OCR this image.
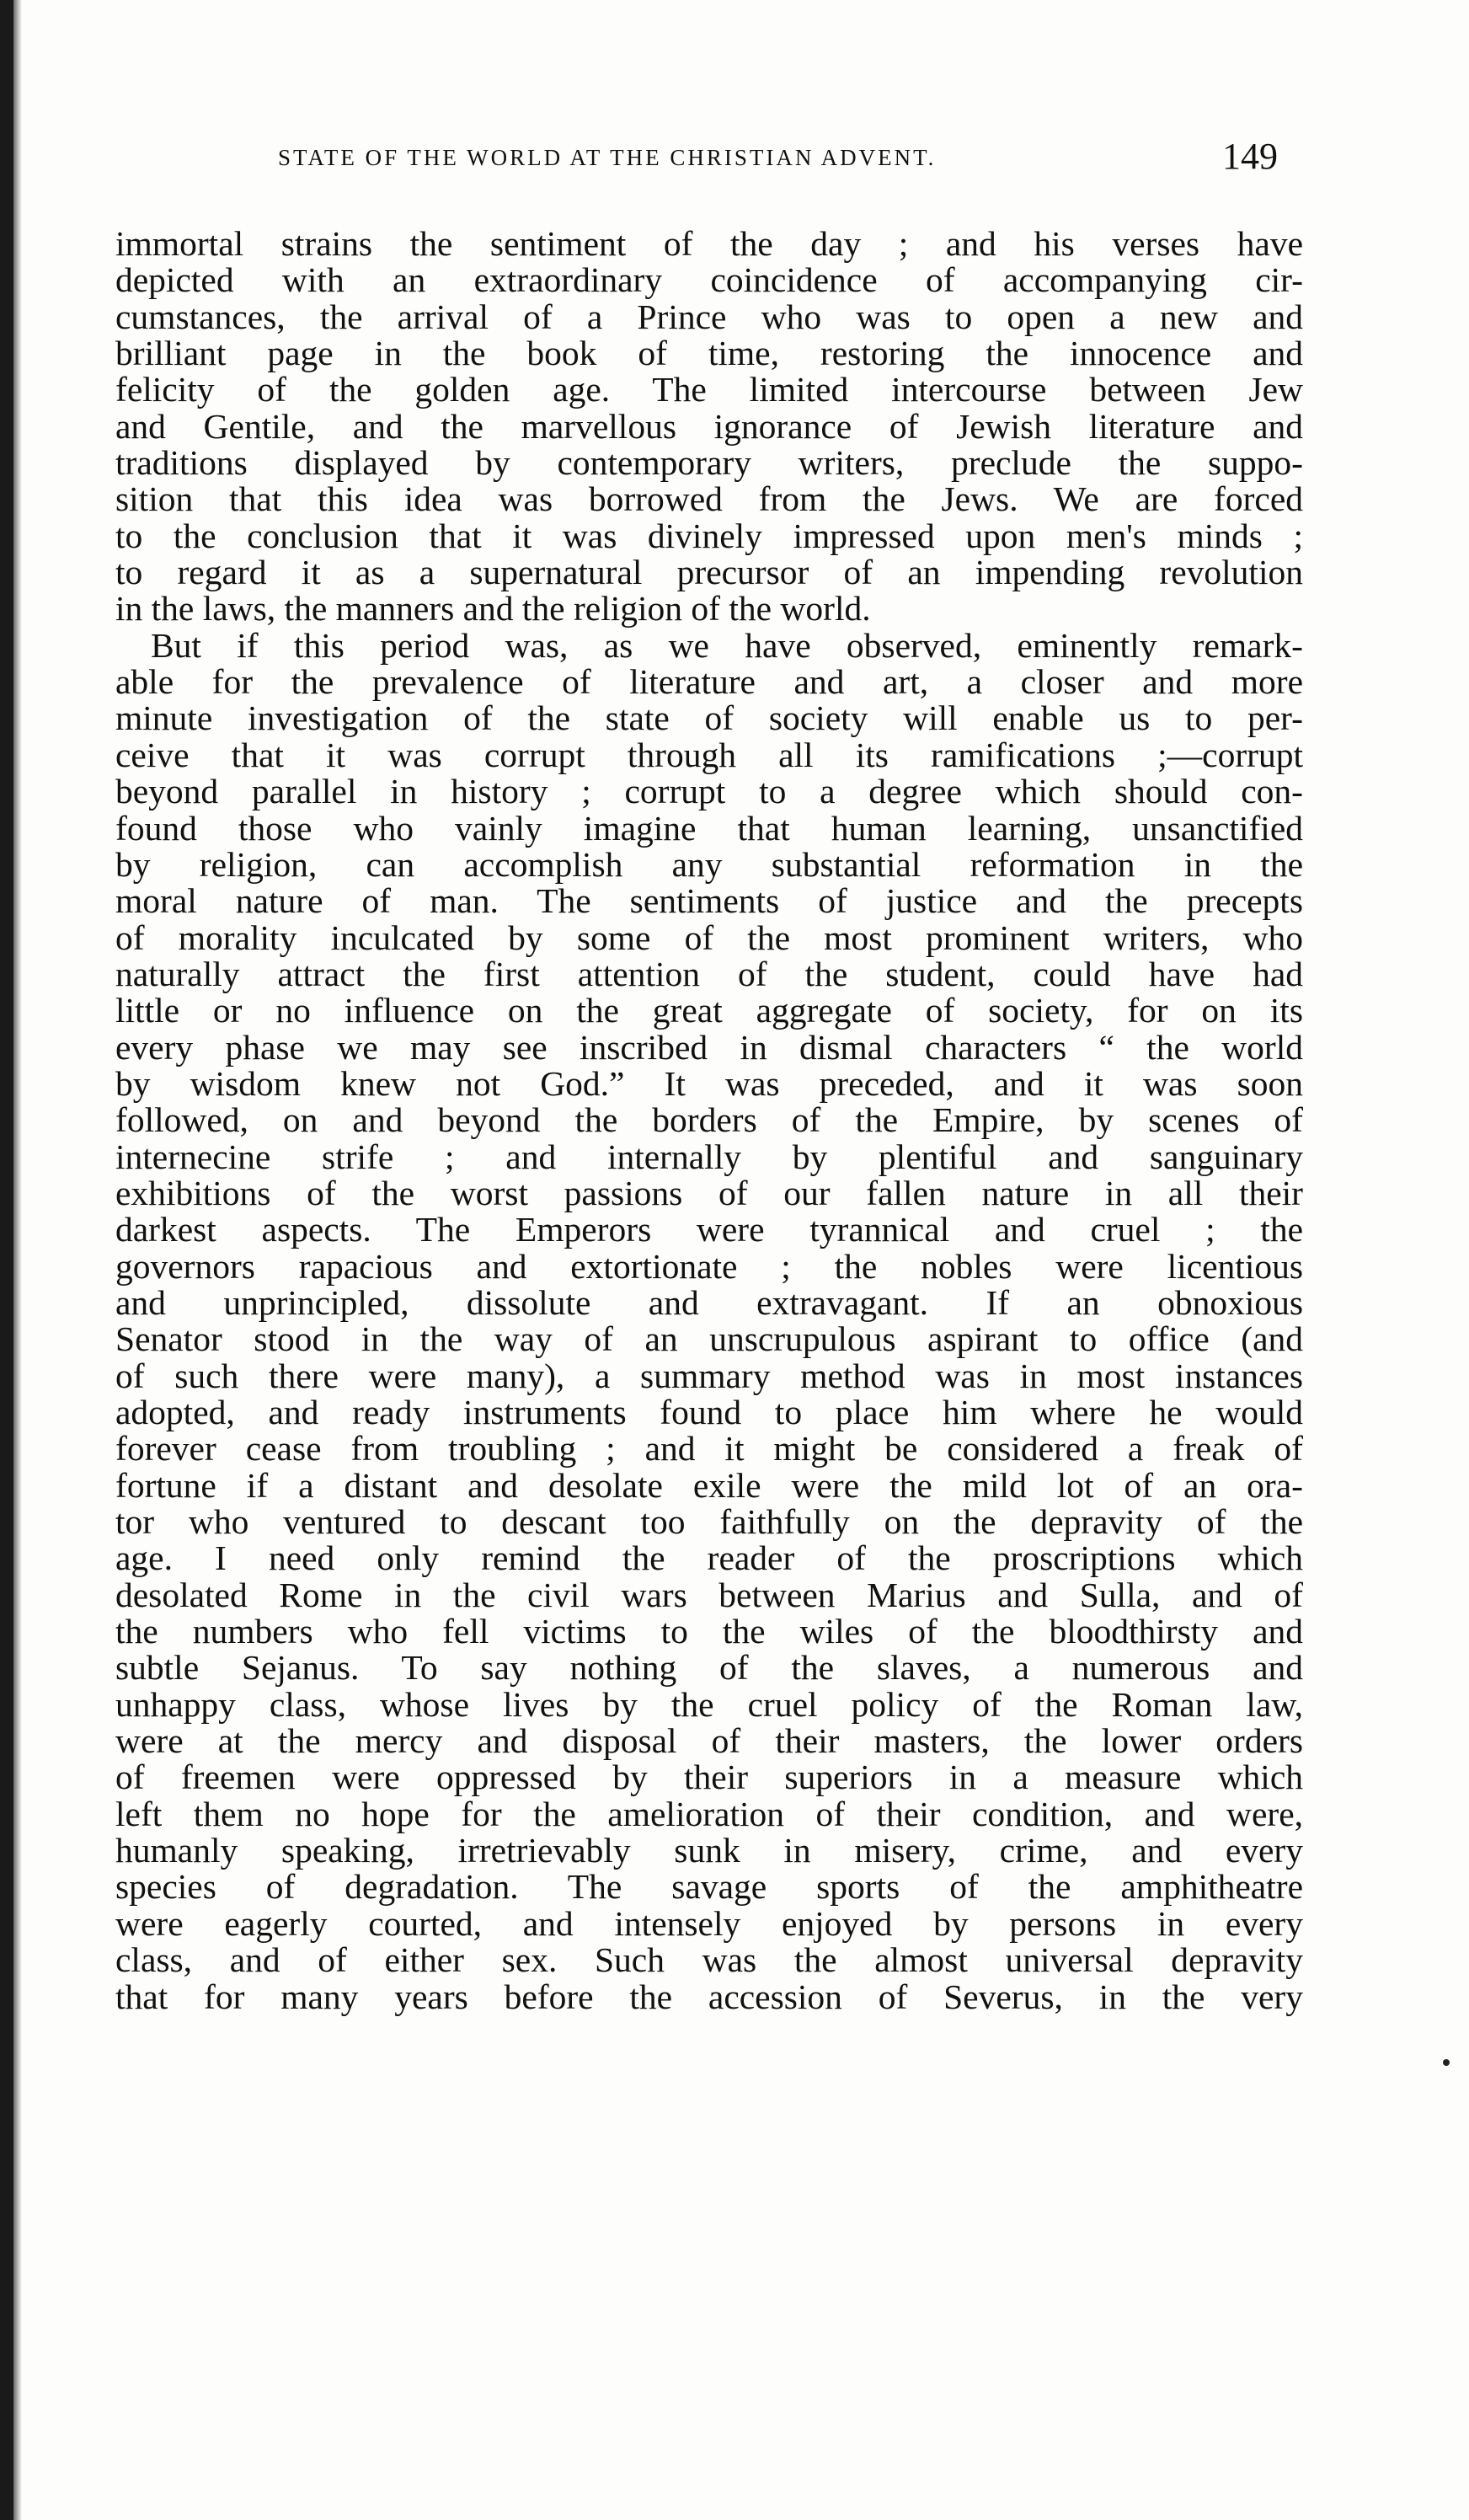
STATE OF THE WORLD AT THE CHRISTIAN ADVENT.	149
immortal strains the sentiment of the day ; and his verses have
depicted with an extraordinary coincidence of accompanying cir-
cumstances, the arrival of a Prince who was to open a new and
brilliant page in the book of time, restoring the innocence and
felicity of the golden age. The limited intercourse between Jew
and Gentile, and the marvellous ignorance of Jewish literature and
traditions displayed by contemporary writers, preclude the suppo-
sition that this idea was borrowed from the Jews. We are forced
to the conclusion that it was divinely impressed upon men's minds ;
to regard it as a supernatural precursor of an impending revolution
in the laws, the manners and the religion of the world.
But if this period was, as we have observed, eminently remark-
able for the prevalence of literature and art, a closer and more
minute investigation of the state of society will enable us to per-
ceive that it was corrupt through all its ramifications ;—corrupt
beyond parallel in history ; corrupt to a degree which should con-
found those who vainly imagine that human learning, unsanctified
by religion, can accomplish any substantial reformation in the
moral nature of man. The sentiments of justice and the precepts
of morality inculcated by some of the most prominent writers, who
naturally attract the first attention of the student, could have had
little or no influence on the great aggregate of society, for on its
every phase we may see inscribed in dismal characters “ the world
by wisdom knew not God.” It was preceded, and it was soon
followed, on and beyond the borders of the Empire, by scenes of
internecine strife ; and internally by plentiful and sanguinary
exhibitions of the worst passions of our fallen nature in all their
darkest aspects. The Emperors were tyrannical and cruel ; the
governors rapacious and extortionate ; the nobles were licentious
and unprincipled, dissolute and extravagant. If an obnoxious
Senator stood in the way of an unscrupulous aspirant to office (and
of such there were many), a summary method was in most instances
adopted, and ready instruments found to place him where he would
forever cease from troubling ; and it might be considered a freak of
fortune if a distant and desolate exile were the mild lot of an ora-
tor who ventured to descant too faithfully on the depravity of the
age. I need only remind the reader of the proscriptions which
desolated Rome in the civil wars between Marius and Sulla, and of
the numbers who fell victims to the wiles of the bloodthirsty and
subtle Sejanus. To say nothing of the slaves, a numerous and
unhappy class, whose lives by the cruel policy of the Roman law,
were at the mercy and disposal of their masters, the lower orders
of freemen were oppressed by their superiors in a measure which
left them no hope for the amelioration of their condition, and were,
humanly speaking, irretrievably sunk in misery, crime, and every
species of degradation. The savage sports of the amphitheatre
were eagerly courted, and intensely enjoyed by persons in every
class, and of either sex. Such was the almost universal depravity
that for many years before the accession of Severus, in the very
